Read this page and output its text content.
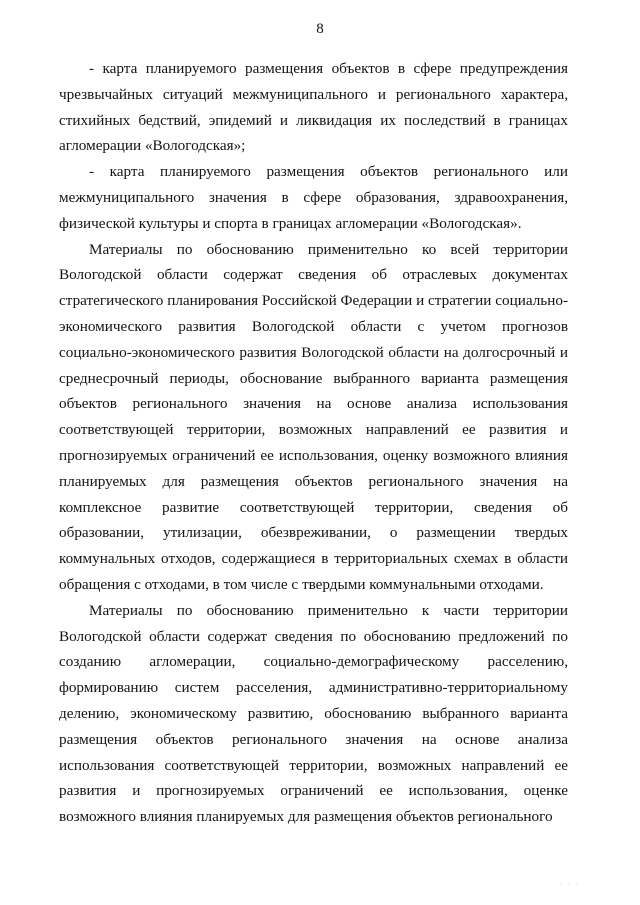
8

- карта планируемого размещения объектов в сфере предупреждения чрезвычайных ситуаций межмуниципального и регионального характера, стихийных бедствий, эпидемий и ликвидация их последствий в границах агломерации «Вологодская»;

- карта планируемого размещения объектов регионального или межмуниципального значения в сфере образования, здравоохранения, физической культуры и спорта в границах агломерации «Вологодская».

Материалы по обоснованию применительно ко всей территории Вологодской области содержат сведения об отраслевых документах стратегического планирования Российской Федерации и стратегии социально-экономического развития Вологодской области с учетом прогнозов социально-экономического развития Вологодской области на долгосрочный и среднесрочный периоды, обоснование выбранного варианта размещения объектов регионального значения на основе анализа использования соответствующей территории, возможных направлений ее развития и прогнозируемых ограничений ее использования, оценку возможного влияния планируемых для размещения объектов регионального значения на комплексное развитие соответствующей территории, сведения об образовании, утилизации, обезвреживании, о размещении твердых коммунальных отходов, содержащиеся в территориальных схемах в области обращения с отходами, в том числе с твердыми коммунальными отходами.

Материалы по обоснованию применительно к части территории Вологодской области содержат сведения по обоснованию предложений по созданию агломерации, социально-демографическому расселению, формированию систем расселения, административно-территориальному делению, экономическому развитию, обоснованию выбранного варианта размещения объектов регионального значения на основе анализа использования соответствующей территории, возможных направлений ее развития и прогнозируемых ограничений ее использования, оценке возможного влияния планируемых для размещения объектов регионального

· · ·
